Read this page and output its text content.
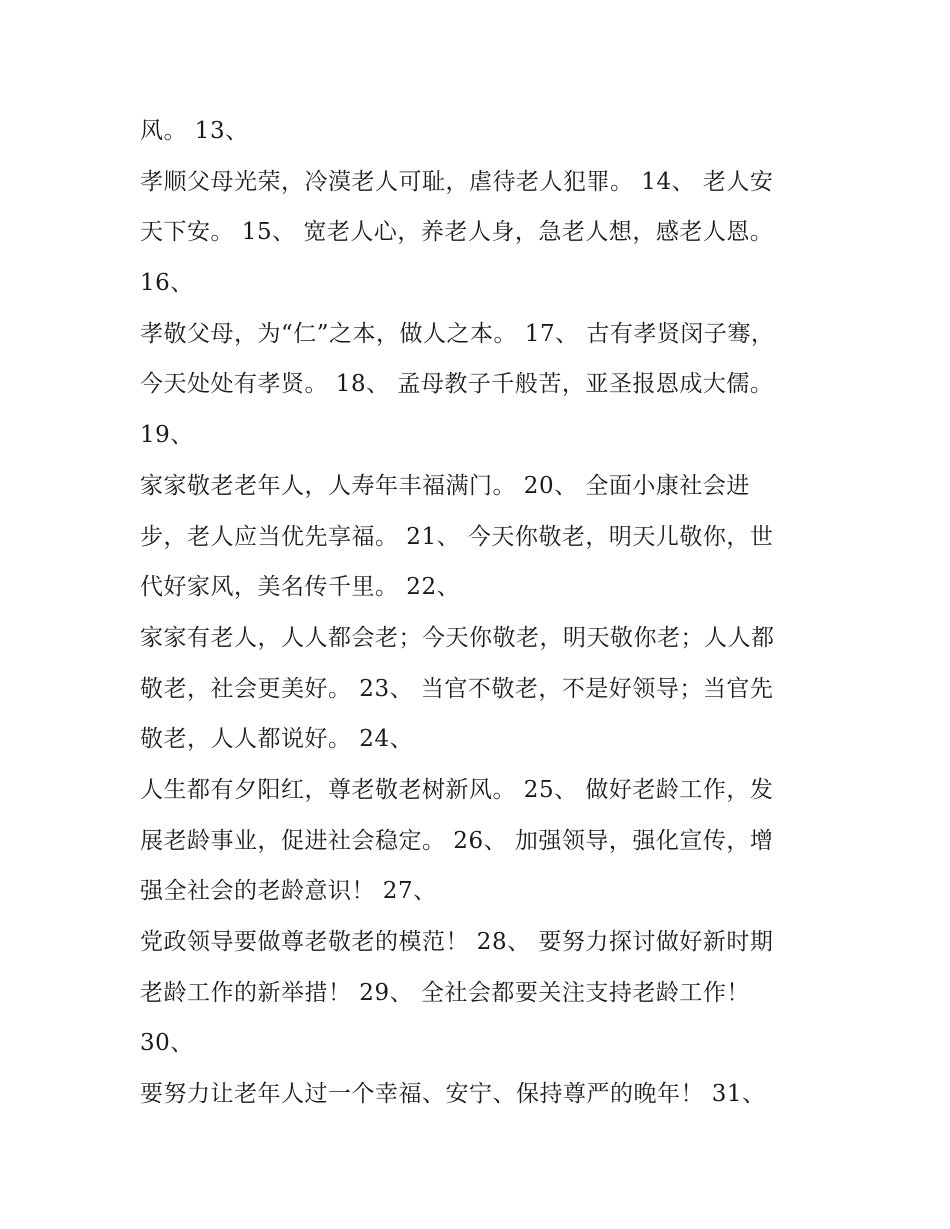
风。 13、
孝顺父母光荣，冷漠老人可耻，虐待老人犯罪。 14、 老人安
天下安。 15、 宽老人心，养老人身，急老人想，感老人恩。
16、
孝敬父母，为“仁”之本，做人之本。 17、 古有孝贤闵子骞，
今天处处有孝贤。 18、 孟母教子千般苦，亚圣报恩成大儒。
19、
家家敬老老年人，人寿年丰福满门。 20、 全面小康社会进
步，老人应当优先享福。 21、 今天你敬老，明天儿敬你，世
代好家风，美名传千里。 22、
家家有老人，人人都会老；今天你敬老，明天敬你老；人人都
敬老，社会更美好。 23、 当官不敬老，不是好领导；当官先
敬老，人人都说好。 24、
人生都有夕阳红，尊老敬老树新风。 25、 做好老龄工作，发
展老龄事业，促进社会稳定。 26、 加强领导，强化宣传，增
强全社会的老龄意识！ 27、
党政领导要做尊老敬老的模范！ 28、 要努力探讨做好新时期
老龄工作的新举措！ 29、 全社会都要关注支持老龄工作！
30、
要努力让老年人过一个幸福、安宁、保持尊严的晚年！ 31、
